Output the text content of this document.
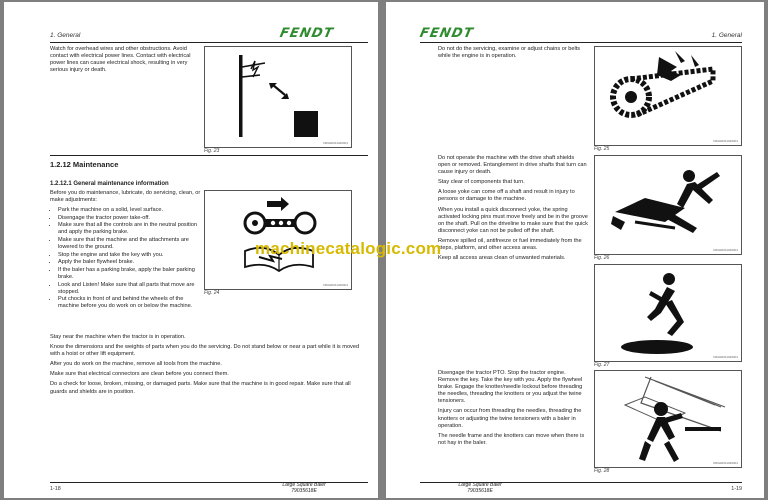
1. General	FENDT

Watch for overhead wires and other obstructions. Avoid contact with electrical power lines. Contact with electrical power lines can cause electrical shock, resulting in very serious injury or death.

D60HD011020001
Fig. 23
1.2.12 Maintenance
1.2.12.1 General maintenance information

Before you do maintenance, lubricate, do servicing, clean, or make adjustments:

• Park the machine on a solid, level surface.
• Disengage the tractor power take-off.
• Make sure that all the controls are in the neutral position and apply the parking brake.
• Make sure that the machine and the attachments are lowered to the ground.
• Stop the engine and take the key with you.
• Apply the baler flywheel brake.
• If the baler has a parking brake, apply the baler parking brake.
• Look and Listen! Make sure that all parts that move are stopped.
• Put chocks in front of and behind the wheels of the machine before you do work on or below the machine.
D60HD011020001
Fig. 24

Stay near the machine when the tractor is in operation.

Know the dimensions and the weights of parts when you do the servicing. Do not stand below or near a part while it is moved with a hoist or other lift equipment.

After you do work on the machine, remove all tools from the machine.

Make sure that electrical connectors are clean before you connect them.

Do a check for loose, broken, missing, or damaged parts. Make sure that the machine is in good repair. Make sure that all guards and shields are in position.

1-18
Large Square Baler
79035618E
FENDT	1. General

Do not do the servicing, examine or adjust chains or belts while the engine is in operation.

D60HD011020001
Fig. 25

Do not operate the machine with the drive shaft shields open or removed. Entanglement in drive shafts that turn can cause injury or death.

Stay clear of components that turn.

A loose yoke can come off a shaft and result in injury to persons or damage to the machine.

When you install a quick disconnect yoke, the spring activated locking pins must move freely and be in the groove on the shaft. Pull on the driveline to make sure that the quick disconnect yoke can not be pulled off the shaft.

Remove spilled oil, antifreeze or fuel immediately from the steps, platform, and other access areas.

Keep all access areas clean of unwanted materials.

D60HD011020001
Fig. 26
D60HD011020001
Fig. 27

Disengage the tractor PTO. Stop the tractor engine. Remove the key. Take the key with you. Apply the flywheel brake. Engage the knotter/needle lockout before threading the needles, threading the knotters or you adjust the twine tensioners.

Injury can occur from threading the needles, threading the knotters or adjusting the twine tensioners with a baler in operation.

The needle frame and the knotters can move when there is not hay in the baler.

R60HD011020001
Fig. 28
Large Square Baler
79035618E	1-19
machinecatalogic.com
